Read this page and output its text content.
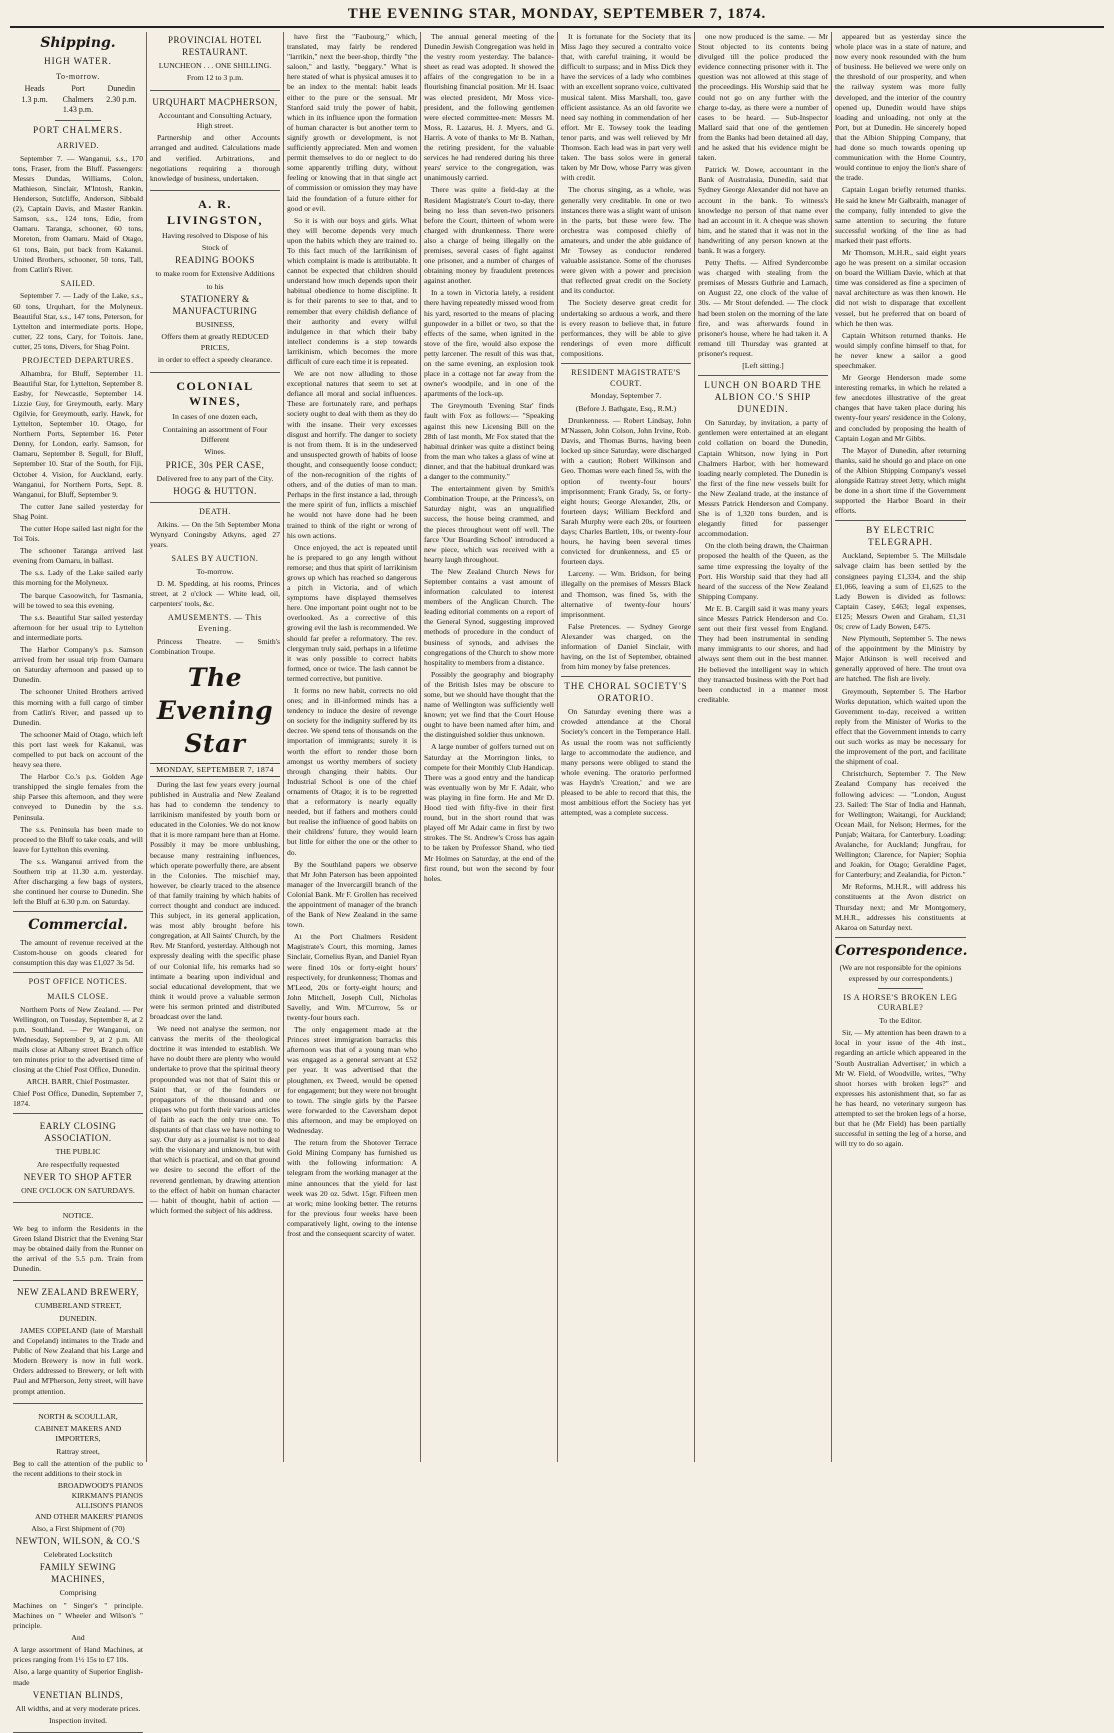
THE EVENING STAR, MONDAY, SEPTEMBER 7, 1874.
Shipping.
HIGH WATER.
To-morrow.
Heads
1.3 p.m.
Port Chalmers
1.43 p.m.
Dunedin
2.30 p.m.
PORT CHALMERS.
ARRIVED.

September 7. — Wanganui, s.s., 170 tons, Fraser, from the Bluff. Passengers: Messrs Dundas, Williams, Colon, Mathieson, Sinclair, M'Intosh, Rankin, Henderson, Sutcliffe, Anderson, Sibbald (2), Captain Davis, and Master Rankin. Samson, s.s., 124 tons, Edie, from Oamaru. Taranga, schooner, 60 tons, Moreton, from Oamaru. Maid of Otago, 61 tons, Bain, put back from Kakanui. United Brothers, schooner, 50 tons, Tall, from Catlin's River.

SAILED.

September 7. — Lady of the Lake, s.s., 60 tons, Urquhart, for the Molyneux. Beautiful Star, s.s., 147 tons, Peterson, for Lyttelton and intermediate ports. Hope, cutter, 22 tons, Cary, for Toitois. Jane, cutter, 25 tons, Divers, for Shag Point.

PROJECTED DEPARTURES.

Alhambra, for Bluff, September 11. Beautiful Star, for Lyttelton, September 8. Easby, for Newcastle, September 14. Lizzie Guy, for Greymouth, early. Mary Ogilvie, for Greymouth, early. Hawk, for Lyttelton, September 10. Otago, for Northern Ports, September 16. Peter Denny, for London, early. Samson, for Oamaru, September 8. Segull, for Bluff, September 10. Star of the South, for Fiji, October 4. Vision, for Auckland, early. Wanganui, for Northern Ports, Sept. 8. Wanganui, for Bluff, September 9.

The cutter Jane sailed yesterday for Shag Point.

The cutter Hope sailed last night for the Toi Tois.

The schooner Taranga arrived last evening from Oamaru, in ballast.

The s.s. Lady of the Lake sailed early this morning for the Molyneux.

The barque Casoowitch, for Tasmania, will be towed to sea this evening.

The s.s. Beautiful Star sailed yesterday afternoon for her usual trip to Lyttelton and intermediate ports.

The Harbor Company's p.s. Samson arrived from her usual trip from Oamaru on Saturday afternoon and passed up to Dunedin.

The schooner United Brothers arrived this morning with a full cargo of timber from Catlin's River, and passed up to Dunedin.

The schooner Maid of Otago, which left this port last week for Kakanui, was compelled to put back on account of the heavy sea there.

The Harbor Co.'s p.s. Golden Age transhipped the single females from the ship Parsee this afternoon, and they were conveyed to Dunedin by the s.s. Peninsula.

The s.s. Peninsula has been made to proceed to the Bluff to take coals, and will leave for Lyttelton this evening.

The s.s. Wanganui arrived from the Southern trip at 11.30 a.m. yesterday. After discharging a few bags of oysters, she continued her course to Dunedin. She left the Bluff at 6.30 p.m. on Saturday.

Commercial.

The amount of revenue received at the Custom-house on goods cleared for consumption this day was £1,027 3s 5d.

POST OFFICE NOTICES.
MAILS CLOSE.

Northern Ports of New Zealand. — Per Wellington, on Tuesday, September 8, at 2 p.m. Southland. — Per Wanganui, on Wednesday, September 9, at 2 p.m. All mails close at Albany street Branch office ten minutes prior to the advertised time of closing at the Chief Post Office, Dunedin.

ARCH. BARR, Chief Postmaster.

Chief Post Office, Dunedin, September 7, 1874.

EARLY CLOSING ASSOCIATION.
THE PUBLIC
Are respectfully requested
NEVER TO SHOP AFTER
ONE O'CLOCK ON SATURDAYS.
NOTICE.

We beg to inform the Residents in the Green Island District that the Evening Star may be obtained daily from the Runner on the arrival of the 5.5 p.m. Train from Dunedin.

NEW ZEALAND BREWERY,
CUMBERLAND STREET,
DUNEDIN.

JAMES COPELAND (late of Marshall and Copeland) intimates to the Trade and Public of New Zealand that his Large and Modern Brewery is now in full work. Orders addressed to Brewery, or left with Paul and M'Pherson, Jetty street, will have prompt attention.

NORTH & SCOULLAR,
CABINET MAKERS AND IMPORTERS,
Rattray street,

Beg to call the attention of the public to the recent additions to their stock in

BROADWOOD'S PIANOS
KIRKMAN'S PIANOS
ALLISON'S PIANOS
AND OTHER MAKERS' PIANOS
Also, a First Shipment of (70)
NEWTON, WILSON, & CO.'S
Celebrated Lockstitch
FAMILY SEWING MACHINES,
Comprising

Machines on " Singer's " principle. Machines on " Wheeler and Wilson's " principle.

And

A large assortment of Hand Machines, at prices ranging from 1½ 15s to £7 10s.

Also, a large quantity of Superior English-made

VENETIAN BLINDS,
All widths, and at very moderate prices.
Inspection invited.
PROVINCIAL HOTEL RESTAURANT.
LUNCHEON . . . ONE SHILLING.
From 12 to 3 p.m.
URQUHART MACPHERSON,
Accountant and Consulting Actuary, High street.

Partnership and other Accounts arranged and audited. Calculations made and verified. Arbitrations, and negotiations requiring a thorough knowledge of business, undertaken.

A. R. LIVINGSTON,
Having resolved to Dispose of his
Stock of
READING BOOKS
to make room for Extensive Additions
to his
STATIONERY & MANUFACTURING
BUSINESS,
Offers them at greatly REDUCED PRICES,
in order to effect a speedy clearance.
COLONIAL WINES,
In cases of one dozen each,
Containing an assortment of Four Different
Wines.
PRICE, 30s PER CASE,
Delivered free to any part of the City.
HOGG & HUTTON.
DEATH.

Atkins. — On the 5th September Mona Wynyard Coningsby Atkyns, aged 27 years.

SALES BY AUCTION.
To-morrow.

D. M. Spedding, at his rooms, Princes street, at 2 o'clock — White lead, oil, carpenters' tools, &c.

AMUSEMENTS. — This Evening.

Princess Theatre. — Smith's Combination Troupe.

The Evening Star
MONDAY, SEPTEMBER 7, 1874

During the last few years every journal published in Australia and New Zealand has had to condemn the tendency to larrikinism manifested by youth born or educated in the Colonies. We do not know that it is more rampant here than at Home. Possibly it may be more unblushing, because many restraining influences, which operate powerfully there, are absent in the Colonies. The mischief may, however, be clearly traced to the absence of that family training by which habits of correct thought and conduct are induced. This subject, in its general application, was most ably brought before his congregation, at All Saints' Church, by the Rev. Mr Stanford, yesterday. Although not expressly dealing with the specific phase of our Colonial life, his remarks had so intimate a bearing upon individual and social educational development, that we think it would prove a valuable sermon were his sermon printed and distributed broadcast over the land.

We need not analyse the sermon, nor canvass the merits of the theological doctrine it was intended to establish. We have no doubt there are plenty who would undertake to prove that the spiritual theory propounded was not that of Saint this or Saint that, or of the founders or propagators of the thousand and one cliques who put forth their various articles of faith as each the only true one. To disputants of that class we have nothing to say. Our duty as a journalist is not to deal with the visionary and unknown, but with that which is practical, and on that ground we desire to second the effort of the reverend gentleman, by drawing attention to the effect of habit on human character — habit of thought, habit of action — which formed the subject of his address.

have first the "Faubourg," which, translated, may fairly be rendered "larrikin," next the beer-shop, thirdly "the saloon," and lastly, "beggary." What is here stated of what is physical amuses it to be an index to the mental: habit leads either to the pure or the sensual. Mr Stanford said truly the power of habit, which in its influence upon the formation of human character is but another term to signify growth or development, is not sufficiently appreciated. Men and women permit themselves to do or neglect to do some apparently trifling duty, without feeling or knowing that in that single act of commission or omission they may have laid the foundation of a future either for good or evil.

So it is with our boys and girls. What they will become depends very much upon the habits which they are trained to. To this fact much of the larrikinism of which complaint is made is attributable. It cannot be expected that children should understand how much depends upon their habitual obedience to home discipline. It is for their parents to see to that, and to remember that every childish defiance of their authority and every wilful indulgence in that which their baby intellect condemns is a step towards larrikinism, which becomes the more difficult of cure each time it is repeated.

We are not now alluding to those exceptional natures that seem to set at defiance all moral and social influences. These are fortunately rare, and perhaps society ought to deal with them as they do with the insane. Their very excesses disgust and horrify. The danger to society is not from them. It is in the undeserved and unsuspected growth of habits of loose thought, and consequently loose conduct; of the non-recognition of the rights of others, and of the duties of man to man. Perhaps in the first instance a lad, through the mere spirit of fun, inflicts a mischief he would not have done had he been trained to think of the right or wrong of his own actions.

Once enjoyed, the act is repeated until he is prepared to go any length without remorse; and thus that spirit of larrikinism grows up which has reached so dangerous a pitch in Victoria, and of which symptoms have displayed themselves here. One important point ought not to be overlooked. As a corrective of this growing evil the lash is recommended. We should far prefer a reformatory. The rev. clergyman truly said, perhaps in a lifetime it was only possible to correct habits formed, once or twice. The lash cannot be termed corrective, but punitive.

It forms no new habit, corrects no old ones; and in ill-informed minds has a tendency to induce the desire of revenge on society for the indignity suffered by its decree. We spend tens of thousands on the importation of immigrants; surely it is worth the effort to render those born amongst us worthy members of society through changing their habits. Our Industrial School is one of the chief ornaments of Otago; it is to be regretted that a reformatory is nearly equally needed, but if fathers and mothers could but realise the influence of good habits on their childrens' future, they would learn but little for either the one or the other to do.

By the Southland papers we observe that Mr John Paterson has been appointed manager of the Invercargill branch of the Colonial Bank. Mr F. Grollen has received the appointment of manager of the branch of the Bank of New Zealand in the same town.

At the Port Chalmers Resident Magistrate's Court, this morning, James Sinclair, Cornelius Ryan, and Daniel Ryan were fined 10s or forty-eight hours' respectively, for drunkenness; Thomas and M'Leod, 20s or forty-eight hours; and John Mitchell, Joseph Cull, Nicholas Savelly, and Wm. M'Currow, 5s or twenty-four hours each.

The only engagement made at the Princes street immigration barracks this afternoon was that of a young man who was engaged as a general servant at £52 per year. It was advertised that the ploughmen, ex Tweed, would be opened for engagement; but they were not brought to town. The single girls by the Parsee were forwarded to the Caversham depot this afternoon, and may be employed on Wednesday.

The return from the Shotover Terrace Gold Mining Company has furnished us with the following information: A telegram from the working manager at the mine announces that the yield for last week was 20 oz. 5dwt. 15gr. Fifteen men at work; mine looking better. The returns for the previous four weeks have been comparatively light, owing to the intense frost and the consequent scarcity of water.

The annual general meeting of the Dunedin Jewish Congregation was held in the vestry room yesterday. The balance-sheet as read was adopted. It showed the affairs of the congregation to be in a flourishing financial position. Mr H. Isaac was elected president, Mr Moss vice-president, and the following gentlemen were elected committee-men: Messrs M. Moss, R. Lazarus, H. J. Myers, and G. Harris. A vote of thanks to Mr B. Nathan, the retiring president, for the valuable services he had rendered during his three years' service to the congregation, was unanimously carried.

There was quite a field-day at the Resident Magistrate's Court to-day, there being no less than seven-two prisoners before the Court, thirteen of whom were charged with drunkenness. There were also a charge of being illegally on the premises, several cases of fight against one prisoner, and a number of charges of obtaining money by fraudulent pretences against another.

In a town in Victoria lately, a resident there having repeatedly missed wood from his yard, resorted to the means of placing gunpowder in a billet or two, so that the effects of the same, when ignited in the stove of the fire, would also expose the petty larcener. The result of this was that, on the same evening, an explosion took place in a cottage not far away from the owner's woodpile, and in one of the apartments of the lock-up.

The Greymouth 'Evening Star' finds fault with Fox as follows:— "Speaking against this new Licensing Bill on the 28th of last month, Mr Fox stated that the habitual drinker was quite a distinct being from the man who takes a glass of wine at dinner, and that the habitual drunkard was a danger to the community."

The entertainment given by Smith's Combination Troupe, at the Princess's, on Saturday night, was an unqualified success, the house being crammed, and the pieces throughout went off well. The farce 'Our Boarding School' introduced a new piece, which was received with a hearty laugh throughout.

The New Zealand Church News for September contains a vast amount of information calculated to interest members of the Anglican Church. The leading editorial comments on a report of the General Synod, suggesting improved methods of procedure in the conduct of business of synods, and advises the congregations of the Church to show more hospitality to members from a distance.

Possibly the geography and biography of the British Isles may be obscure to some, but we should have thought that the name of Wellington was sufficiently well known; yet we find that the Court House ought to have been named after him, and the distinguished soldier thus unknown.

A large number of golfers turned out on Saturday at the Morrington links, to compete for their Monthly Club Handicap. There was a good entry and the handicap was eventually won by Mr F. Adair, who was playing in fine form. He and Mr D. Hood tied with fifty-five in their first round, but in the short round that was played off Mr Adair came in first by two strokes. The St. Andrew's Cross has again to be taken by Professor Shand, who tied Mr Holmes on Saturday, at the end of the first round, but won the second by four holes.

It is fortunate for the Society that its Miss Jago they secured a contralto voice that, with careful training, it would be difficult to surpass; and in Miss Dick they have the services of a lady who combines with an excellent soprano voice, cultivated musical talent. Miss Marshall, too, gave efficient assistance. As an old favorite we need say nothing in commendation of her effort. Mr E. Towsey took the leading tenor parts, and was well relieved by Mr Thomson. Each lead was in part very well taken. The bass solos were in general taken by Mr Dow, whose Parry was given with credit.

The chorus singing, as a whole, was generally very creditable. In one or two instances there was a slight want of unison in the parts, but these were few. The orchestra was composed chiefly of amateurs, and under the able guidance of Mr Towsey as conductor rendered valuable assistance. Some of the choruses were given with a power and precision that reflected great credit on the Society and its conductor.

The Society deserve great credit for undertaking so arduous a work, and there is every reason to believe that, in future performances, they will be able to give renderings of even more difficult compositions.

RESIDENT MAGISTRATE'S COURT.
Monday, September 7.
(Before J. Bathgate, Esq., R.M.)

Drunkenness. — Robert Lindsay, John M'Nassen, John Colson, John Irvine, Rob. Davis, and Thomas Burns, having been locked up since Saturday, were discharged with a caution; Robert Wilkinson and Geo. Thomas were each fined 5s, with the option of twenty-four hours' imprisonment; Frank Grady, 5s, or forty-eight hours; George Alexander, 20s, or fourteen days; William Beckford and Sarah Murphy were each 20s, or fourteen days; Charles Bartlett, 10s, or twenty-four hours, he having been several times convicted for drunkenness, and £5 or fourteen days.

Larceny. — Wm. Bridson, for being illegally on the premises of Messrs Black and Thomson, was fined 5s, with the alternative of twenty-four hours' imprisonment.

False Pretences. — Sydney George Alexander was charged, on the information of Daniel Sinclair, with having, on the 1st of September, obtained from him money by false pretences.

THE CHORAL SOCIETY'S ORATORIO.

On Saturday evening there was a crowded attendance at the Choral Society's concert in the Temperance Hall. As usual the room was not sufficiently large to accommodate the audience, and many persons were obliged to stand the whole evening. The oratorio performed was Haydn's 'Creation,' and we are pleased to be able to record that this, the most ambitious effort the Society has yet attempted, was a complete success.

one now produced is the same. — Mr Stout objected to its contents being divulged till the police produced the evidence connecting prisoner with it. The question was not allowed at this stage of the proceedings. His Worship said that he could not go on any further with the charge to-day, as there were a number of cases to be heard. — Sub-Inspector Mallard said that one of the gentlemen from the Banks had been detained all day, and he asked that his evidence might be taken.

Patrick W. Dowe, accountant in the Bank of Australasia, Dunedin, said that Sydney George Alexander did not have an account in the bank. To witness's knowledge no person of that name ever had an account in it. A cheque was shown him, and he stated that it was not in the handwriting of any person known at the bank. It was a forgery.

Petty Thefts. — Alfred Syndercombe was charged with stealing from the premises of Messrs Guthrie and Larnach, on August 22, one clock of the value of 30s. — Mr Stout defended. — The clock had been stolen on the morning of the late fire, and was afterwards found in prisoner's house, where he had taken it. A remand till Thursday was granted at prisoner's request.

[Left sitting.]
LUNCH ON BOARD THE ALBION CO.'S SHIP DUNEDIN.

On Saturday, by invitation, a party of gentlemen were entertained at an elegant cold collation on board the Dunedin, Captain Whitson, now lying in Port Chalmers Harbor, with her homeward loading nearly completed. The Dunedin is the first of the fine new vessels built for the New Zealand trade, at the instance of Messrs Patrick Henderson and Company. She is of 1,320 tons burden, and is elegantly fitted for passenger accommodation.

On the cloth being drawn, the Chairman proposed the health of the Queen, as the same time expressing the loyalty of the Port. His Worship said that they had all heard of the success of the New Zealand Shipping Company.

Mr E. B. Cargill said it was many years since Messrs Patrick Henderson and Co. sent out their first vessel from England. They had been instrumental in sending many immigrants to our shores, and had always sent them out in the best manner. He believed the intelligent way in which they transacted business with the Port had been conducted in a manner most creditable.

appeared but as yesterday since the whole place was in a state of nature, and now every nook resounded with the hum of business. He believed we were only on the threshold of our prosperity, and when the railway system was more fully developed, and the interior of the country opened up, Dunedin would have ships loading and unloading, not only at the Port, but at Dunedin. He sincerely hoped that the Albion Shipping Company, that had done so much towards opening up communication with the Home Country, would continue to enjoy the lion's share of the trade.

Captain Logan briefly returned thanks. He said he knew Mr Galbraith, manager of the company, fully intended to give the same attention to securing the future successful working of the line as had marked their past efforts.

Mr Thomson, M.H.R., said eight years ago he was present on a similar occasion on board the William Davie, which at that time was considered as fine a specimen of naval architecture as was then known. He did not wish to disparage that excellent vessel, but he preferred that on board of which he then was.

Captain Whitson returned thanks. He would simply confine himself to that, for he never knew a sailor a good speechmaker.

Mr George Henderson made some interesting remarks, in which he related a few anecdotes illustrative of the great changes that have taken place during his twenty-four years' residence in the Colony, and concluded by proposing the health of Captain Logan and Mr Gibbs.

The Mayor of Dunedin, after returning thanks, said he should go and place on one of the Albion Shipping Company's vessel alongside Rattray street Jetty, which might be done in a short time if the Government supported the Harbor Board in their efforts.

BY ELECTRIC TELEGRAPH.

Auckland, September 5. The Millsdale salvage claim has been settled by the consignees paying £1,334, and the ship £1,066, leaving a sum of £1,625 to the Lady Bowen is divided as follows: Captain Casey, £463; legal expenses, £125; Messrs Owen and Graham, £1,31 0s; crew of Lady Bowen, £475.

New Plymouth, September 5. The news of the appointment by the Ministry by Major Atkinson is well received and generally approved of here. The trout ova are hatched. The fish are lively.

Greymouth, September 5. The Harbor Works deputation, which waited upon the Government to-day, received a written reply from the Minister of Works to the effect that the Government intends to carry out such works as may be necessary for the improvement of the port, and facilitate the shipment of coal.

Christchurch, September 7. The New Zealand Company has received the following advices: — "London, August 23. Sailed: The Star of India and Hannah, for Wellington; Waitangi, for Auckland; Ocean Mail, for Nelson; Hermes, for the Punjab; Waitara, for Canterbury. Loading: Avalanche, for Auckland; Jungfrau, for Wellington; Clarence, for Napier; Sophia and Joakin, for Otago; Geraldine Paget, for Canterbury; and Zealandia, for Picton."

Mr Reforms, M.H.R., will address his constituents at the Avon district on Thursday next; and Mr Montgomery, M.H.R., addresses his constituents at Akaroa on Saturday next.

Correspondence.

(We are not responsible for the opinions expressed by our correspondents.)

IS A HORSE'S BROKEN LEG CURABLE?
To the Editor.

Sir, — My attention has been drawn to a local in your issue of the 4th inst., regarding an article which appeared in the 'South Australian Advertiser,' in which a Mr W. Field, of Woodville, writes, "Why shoot horses with broken legs?" and expresses his astonishment that, so far as he has heard, no veterinary surgeon has attempted to set the broken legs of a horse, but that he (Mr Field) has been partially successful in setting the leg of a horse, and will try to do so again.
